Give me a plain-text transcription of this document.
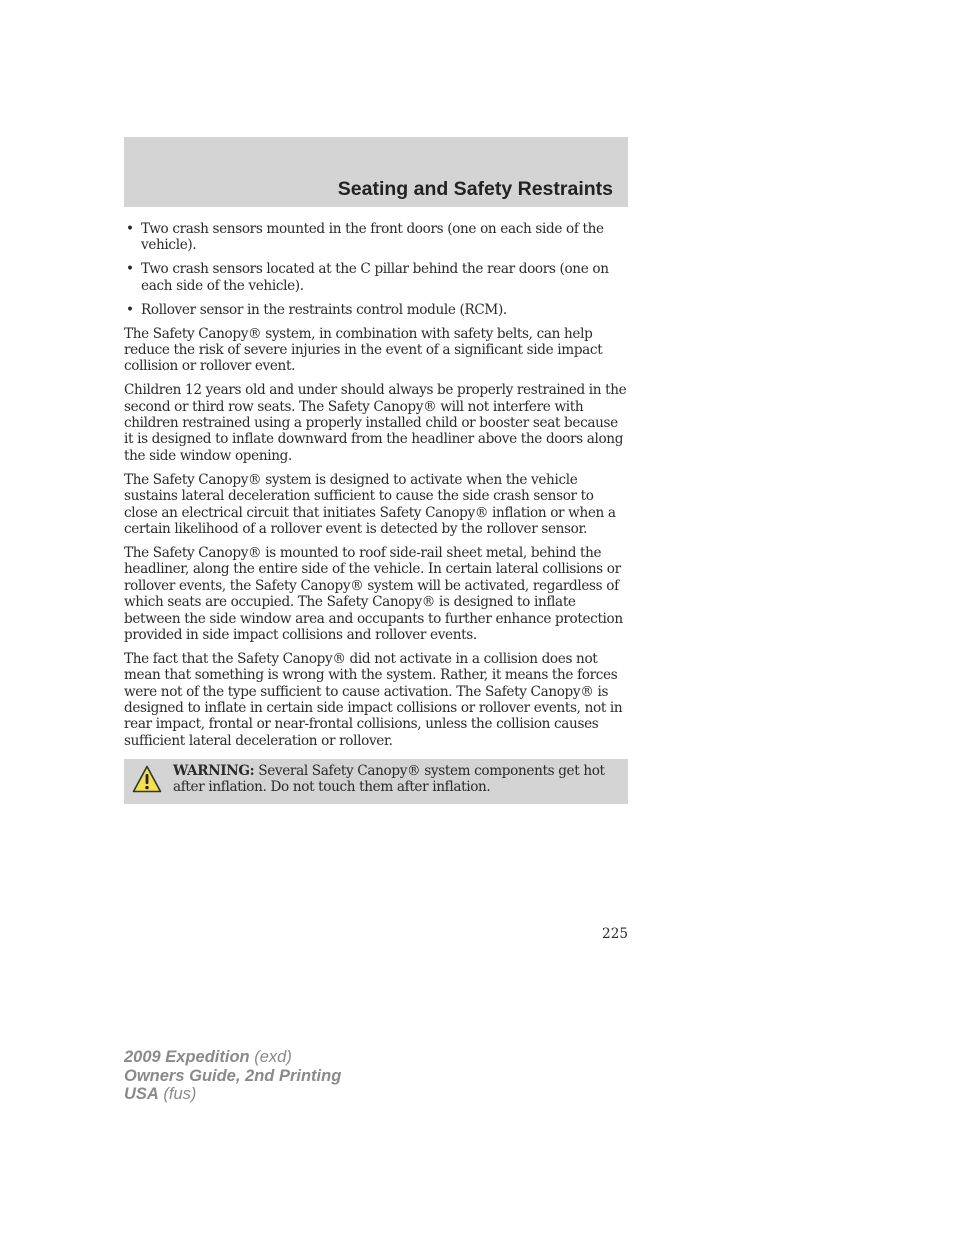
Seating and Safety Restraints
• Two crash sensors mounted in the front doors (one on each side of the vehicle).
• Two crash sensors located at the C pillar behind the rear doors (one on each side of the vehicle).
• Rollover sensor in the restraints control module (RCM).

The Safety Canopy® system, in combination with safety belts, can help reduce the risk of severe injuries in the event of a significant side impact collision or rollover event.

Children 12 years old and under should always be properly restrained in the second or third row seats. The Safety Canopy® will not interfere with children restrained using a properly installed child or booster seat because it is designed to inflate downward from the headliner above the doors along the side window opening.

The Safety Canopy® system is designed to activate when the vehicle sustains lateral deceleration sufficient to cause the side crash sensor to close an electrical circuit that initiates Safety Canopy® inflation or when a certain likelihood of a rollover event is detected by the rollover sensor.

The Safety Canopy® is mounted to roof side-rail sheet metal, behind the headliner, along the entire side of the vehicle. In certain lateral collisions or rollover events, the Safety Canopy® system will be activated, regardless of which seats are occupied. The Safety Canopy® is designed to inflate between the side window area and occupants to further enhance protection provided in side impact collisions and rollover events.

The fact that the Safety Canopy® did not activate in a collision does not mean that something is wrong with the system. Rather, it means the forces were not of the type sufficient to cause activation. The Safety Canopy® is designed to inflate in certain side impact collisions or rollover events, not in rear impact, frontal or near-frontal collisions, unless the collision causes sufficient lateral deceleration or rollover.

WARNING: Several Safety Canopy® system components get hot after inflation. Do not touch them after inflation.
225
2009 Expedition (exd)
Owners Guide, 2nd Printing
USA (fus)
